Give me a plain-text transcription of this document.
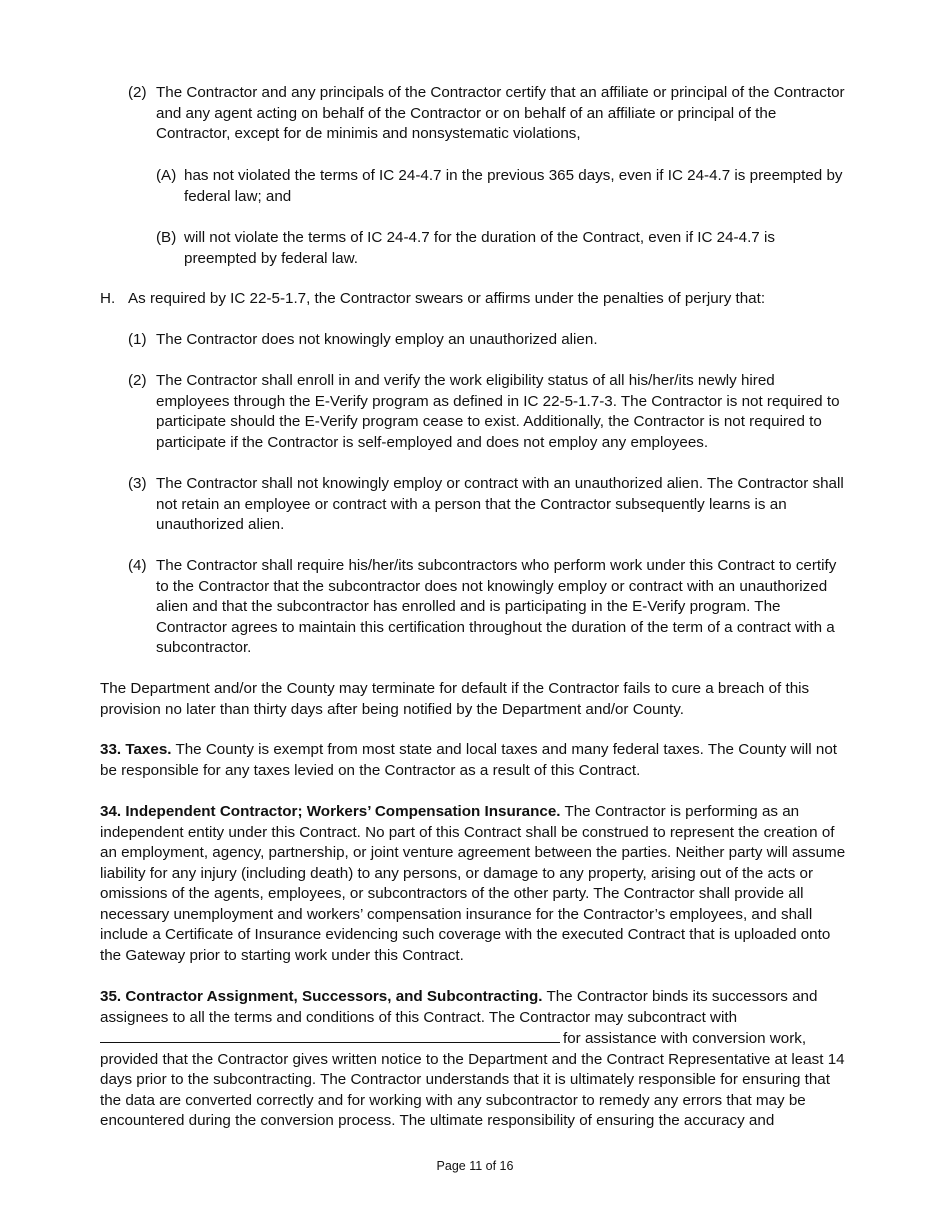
(2) The Contractor and any principals of the Contractor certify that an affiliate or principal of the Contractor and any agent acting on behalf of the Contractor or on behalf of an affiliate or principal of the Contractor, except for de minimis and nonsystematic violations,
(A) has not violated the terms of IC 24-4.7 in the previous 365 days, even if IC 24-4.7 is preempted by federal law; and
(B) will not violate the terms of IC 24-4.7 for the duration of the Contract, even if IC 24-4.7 is preempted by federal law.
H. As required by IC 22-5-1.7, the Contractor swears or affirms under the penalties of perjury that:
(1) The Contractor does not knowingly employ an unauthorized alien.
(2) The Contractor shall enroll in and verify the work eligibility status of all his/her/its newly hired employees through the E-Verify program as defined in IC 22-5-1.7-3. The Contractor is not required to participate should the E-Verify program cease to exist. Additionally, the Contractor is not required to participate if the Contractor is self-employed and does not employ any employees.
(3) The Contractor shall not knowingly employ or contract with an unauthorized alien. The Contractor shall not retain an employee or contract with a person that the Contractor subsequently learns is an unauthorized alien.
(4) The Contractor shall require his/her/its subcontractors who perform work under this Contract to certify to the Contractor that the subcontractor does not knowingly employ or contract with an unauthorized alien and that the subcontractor has enrolled and is participating in the E-Verify program. The Contractor agrees to maintain this certification throughout the duration of the term of a contract with a subcontractor.
The Department and/or the County may terminate for default if the Contractor fails to cure a breach of this provision no later than thirty days after being notified by the Department and/or County.
33. Taxes. The County is exempt from most state and local taxes and many federal taxes. The County will not be responsible for any taxes levied on the Contractor as a result of this Contract.
34. Independent Contractor; Workers’ Compensation Insurance. The Contractor is performing as an independent entity under this Contract. No part of this Contract shall be construed to represent the creation of an employment, agency, partnership, or joint venture agreement between the parties. Neither party will assume liability for any injury (including death) to any persons, or damage to any property, arising out of the acts or omissions of the agents, employees, or subcontractors of the other party. The Contractor shall provide all necessary unemployment and workers’ compensation insurance for the Contractor’s employees, and shall include a Certificate of Insurance evidencing such coverage with the executed Contract that is uploaded onto the Gateway prior to starting work under this Contract.
35. Contractor Assignment, Successors, and Subcontracting. The Contractor binds its successors and assignees to all the terms and conditions of this Contract. The Contractor may subcontract with for assistance with conversion work, provided that the Contractor gives written notice to the Department and the Contract Representative at least 14 days prior to the subcontracting. The Contractor understands that it is ultimately responsible for ensuring that the data are converted correctly and for working with any subcontractor to remedy any errors that may be encountered during the conversion process. The ultimate responsibility of ensuring the accuracy and
Page 11 of 16
